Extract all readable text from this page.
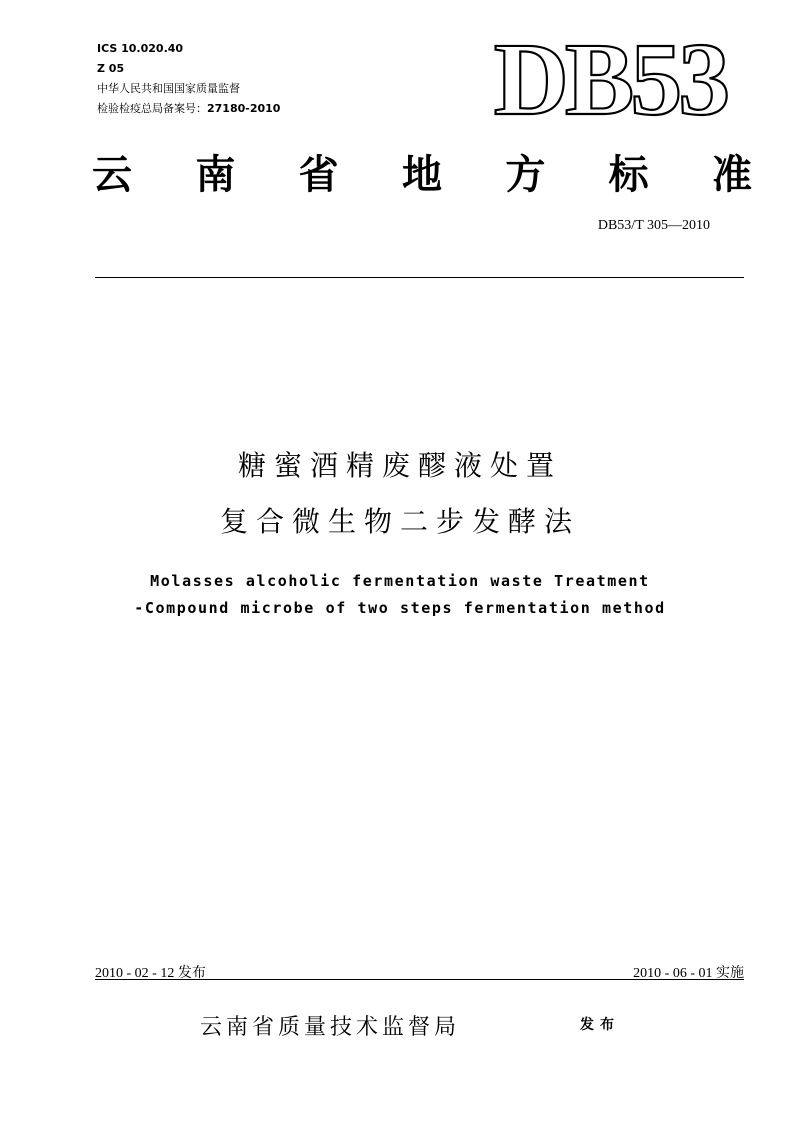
ICS 10.020.40
Z 05
中华人民共和国国家质量监督
检验检疫总局备案号：27180-2010 DB53
云 南 省 地 方 标 准
DB53/T 305—2010
糖蜜酒精废醪液处置
复合微生物二步发酵法
Molasses alcoholic fermentation waste Treatment
-Compound microbe of two steps fermentation method
2010 - 02 - 12 发布	2010 - 06 - 01 实施
云南省质量技术监督局	发布
